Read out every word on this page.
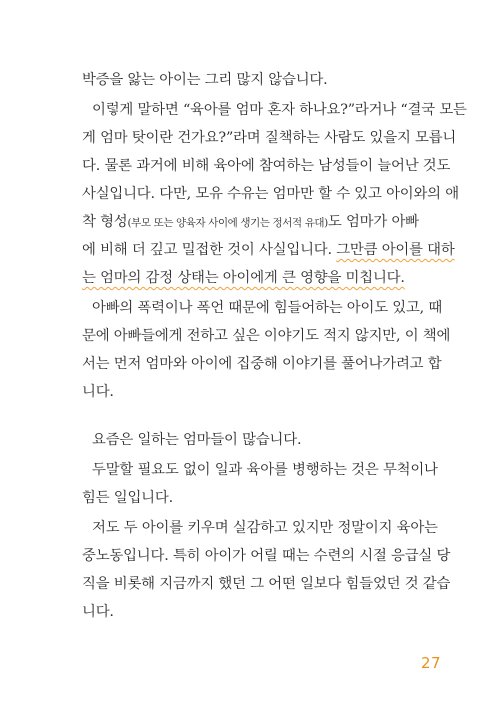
박증을 앓는 아이는 그리 많지 않습니다.
이렇게 말하면 “육아를 엄마 혼자 하나요?”라거나 “결국 모든
게 엄마 탓이란 건가요?”라며 질책하는 사람도 있을지 모릅니
다. 물론 과거에 비해 육아에 참여하는 남성들이 늘어난 것도
사실입니다. 다만, 모유 수유는 엄마만 할 수 있고 아이와의 애
착 형성(부모 또는 양육자 사이에 생기는 정서적 유대)도 엄마가 아빠
에 비해 더 깊고 밀접한 것이 사실입니다. 그만큼 아이를 대하
는 엄마의 감정 상태는 아이에게 큰 영향을 미칩니다.
아빠의 폭력이나 폭언 때문에 힘들어하는 아이도 있고, 때
문에 아빠들에게 전하고 싶은 이야기도 적지 않지만, 이 책에
서는 먼저 엄마와 아이에 집중해 이야기를 풀어나가려고 합
니다.
요즘은 일하는 엄마들이 많습니다.
두말할 필요도 없이 일과 육아를 병행하는 것은 무척이나
힘든 일입니다.
저도 두 아이를 키우며 실감하고 있지만 정말이지 육아는
중노동입니다. 특히 아이가 어릴 때는 수련의 시절 응급실 당
직을 비롯해 지금까지 했던 그 어떤 일보다 힘들었던 것 같습
니다.
27
